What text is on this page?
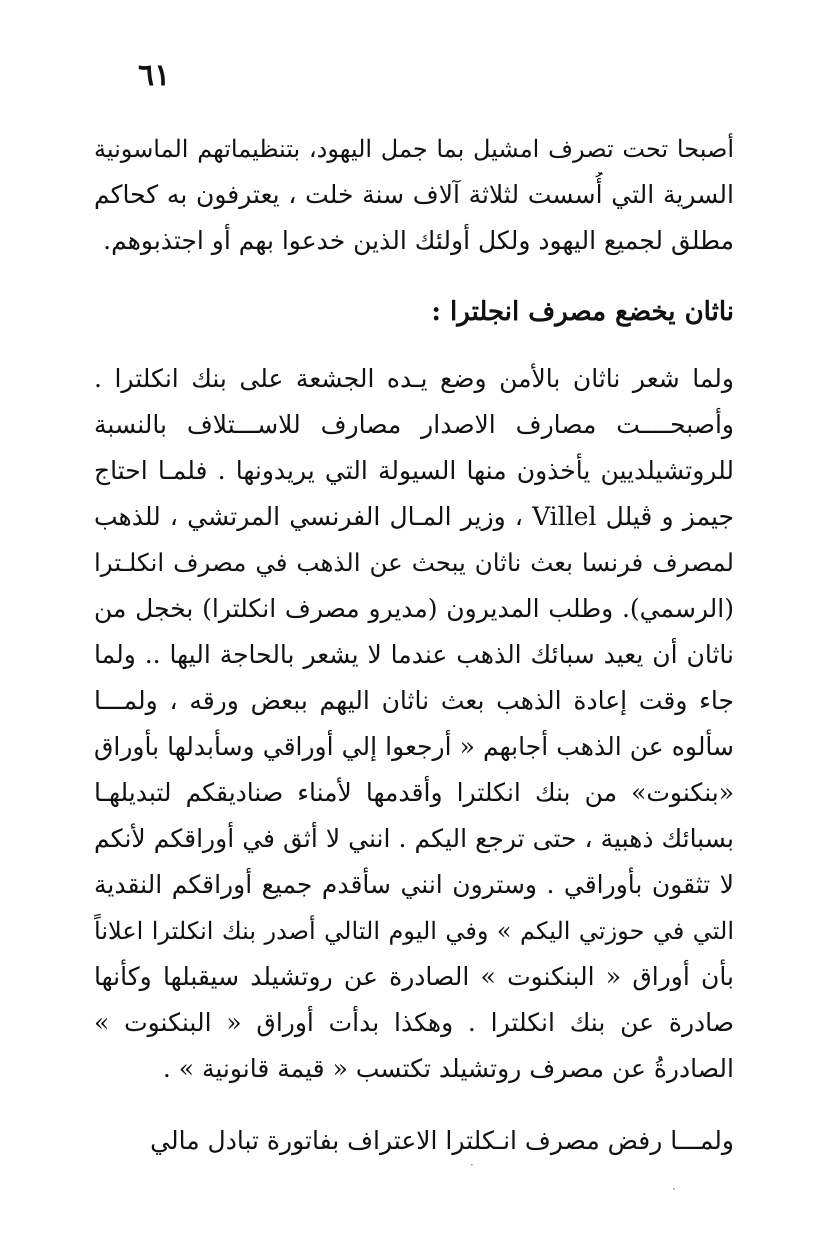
٦١
أصبحا تحت تصرف امشيل بما جمل اليهود، بتنظيماتهم الماسونية
السرية التي أُسست لثلاثة آلاف سنة خلت ، يعترفون به كحاكم
مطلق لجميع اليهود ولكل أولئك الذين خدعوا بهم أو اجتذبوهم.
ناثان يخضع مصرف انجلترا :
ولما شعر ناثان بالأمن وضع يـده الجشعة على بنك انكلترا .
وأصبحــــت مصارف الاصدار مصارف للاســـتلاف بالنسبة
للروتشيلديين يأخذون منها السيولة التي يريدونها . فلمـا احتاج
جيمز و ڤيلل Villel ، وزير المـال الفرنسي المرتشي ، للذهب
لمصرف فرنسا بعث ناثان يبحث عن الذهب في مصرف انكلـترا
(الرسمي). وطلب المديرون (مديرو مصرف انكلترا) بخجل من
ناثان أن يعيد سبائك الذهب عندما لا يشعر بالحاجة اليها .. ولما
جاء وقت إعادة الذهب بعث ناثان اليهم ببعض ورقه ، ولمـــا
سألوه عن الذهب أجابهم « أرجعوا إلي أوراقي وسأبدلها بأوراق
«بنكنوت» من بنك انكلترا وأقدمها لأمناء صناديقكم لتبديلهـا
بسبائك ذهبية ، حتى ترجع اليكم . انني لا أثق في أوراقكم لأنكم
لا تثقون بأوراقي . وسترون انني سأقدم جميع أوراقكم النقدية
التي في حوزتي اليكم » وفي اليوم التالي أصدر بنك انكلترا اعلاناً
بأن أوراق « البنكنوت » الصادرة عن روتشيلد سيقبلها وكأنها
صادرة عن بنك انكلترا . وهكذا بدأت أوراق « البنكنوت »
الصادرةُ عن مصرف روتشيلد تكتسب « قيمة قانونية » .
ولمـــا رفض مصرف انـكلترا الاعتراف بفاتورة تبادل مالي
·
·
